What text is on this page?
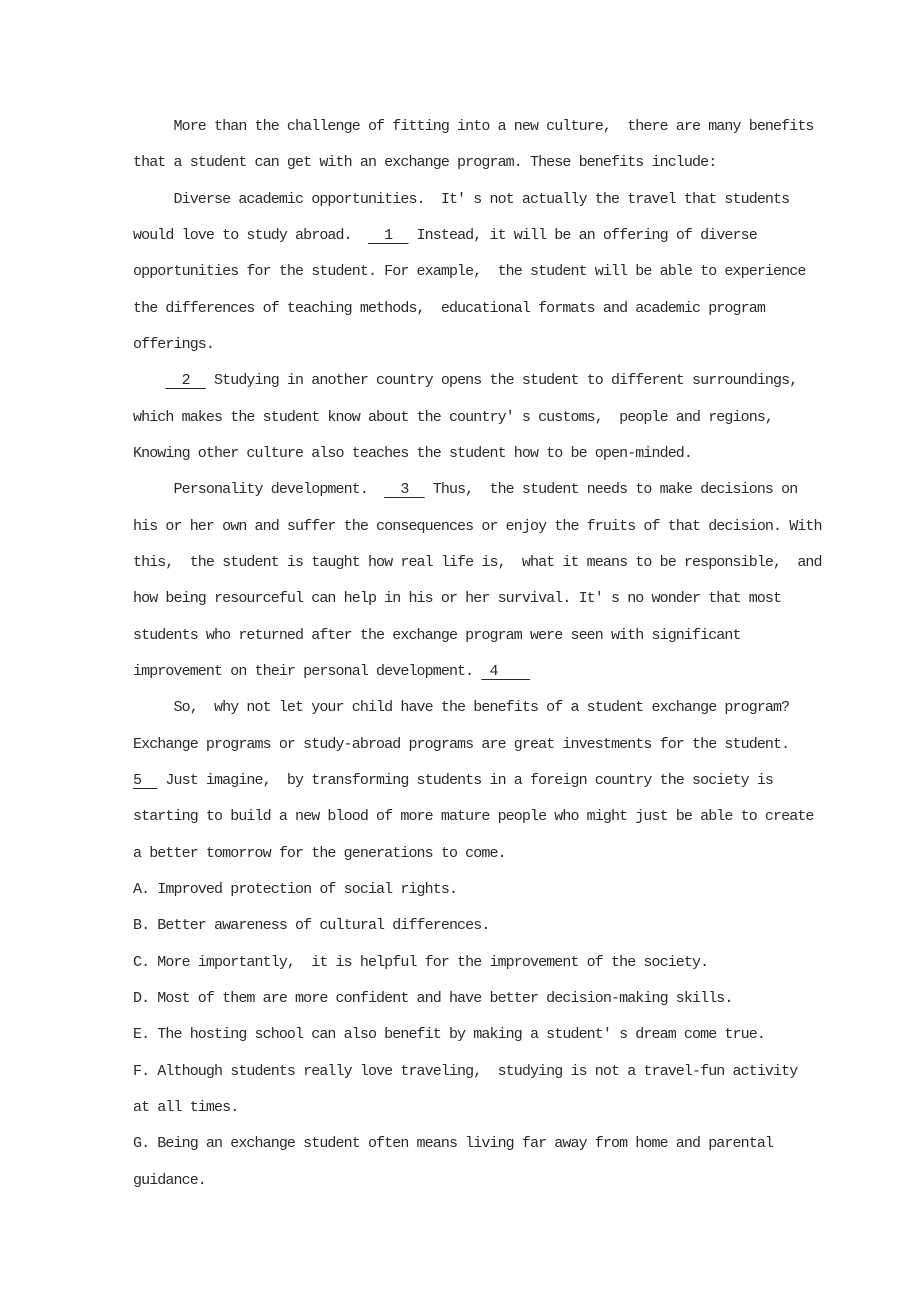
More than the challenge of fitting into a new culture,  there are many benefits
that a student can get with an exchange program. These benefits include:
Diverse academic opportunities.  It' s not actually the travel that students
would love to study abroad.    1   Instead, it will be an offering of diverse
opportunities for the student. For example,  the student will be able to experience
the differences of teaching methods,  educational formats and academic program
offerings.
2   Studying in another country opens the student to different surroundings,
which makes the student know about the country' s customs,  people and regions,
Knowing other culture also teaches the student how to be open-minded.
Personality development.    3   Thus,  the student needs to make decisions on
his or her own and suffer the consequences or enjoy the fruits of that decision. With
this,  the student is taught how real life is,  what it means to be responsible,  and
how being resourceful can help in his or her survival. It' s no wonder that most
students who returned after the exchange program were seen with significant
improvement on their personal development.  4
So,  why not let your child have the benefits of a student exchange program?
Exchange programs or study-abroad programs are great investments for the student.
5   Just imagine,  by transforming students in a foreign country the society is
starting to build a new blood of more mature people who might just be able to create
a better tomorrow for the generations to come.
A. Improved protection of social rights.
B. Better awareness of cultural differences.
C. More importantly,  it is helpful for the improvement of the society.
D. Most of them are more confident and have better decision-making skills.
E. The hosting school can also benefit by making a student' s dream come true.
F. Although students really love traveling,  studying is not a travel-fun activity
at all times.
G. Being an exchange student often means living far away from home and parental
guidance.
